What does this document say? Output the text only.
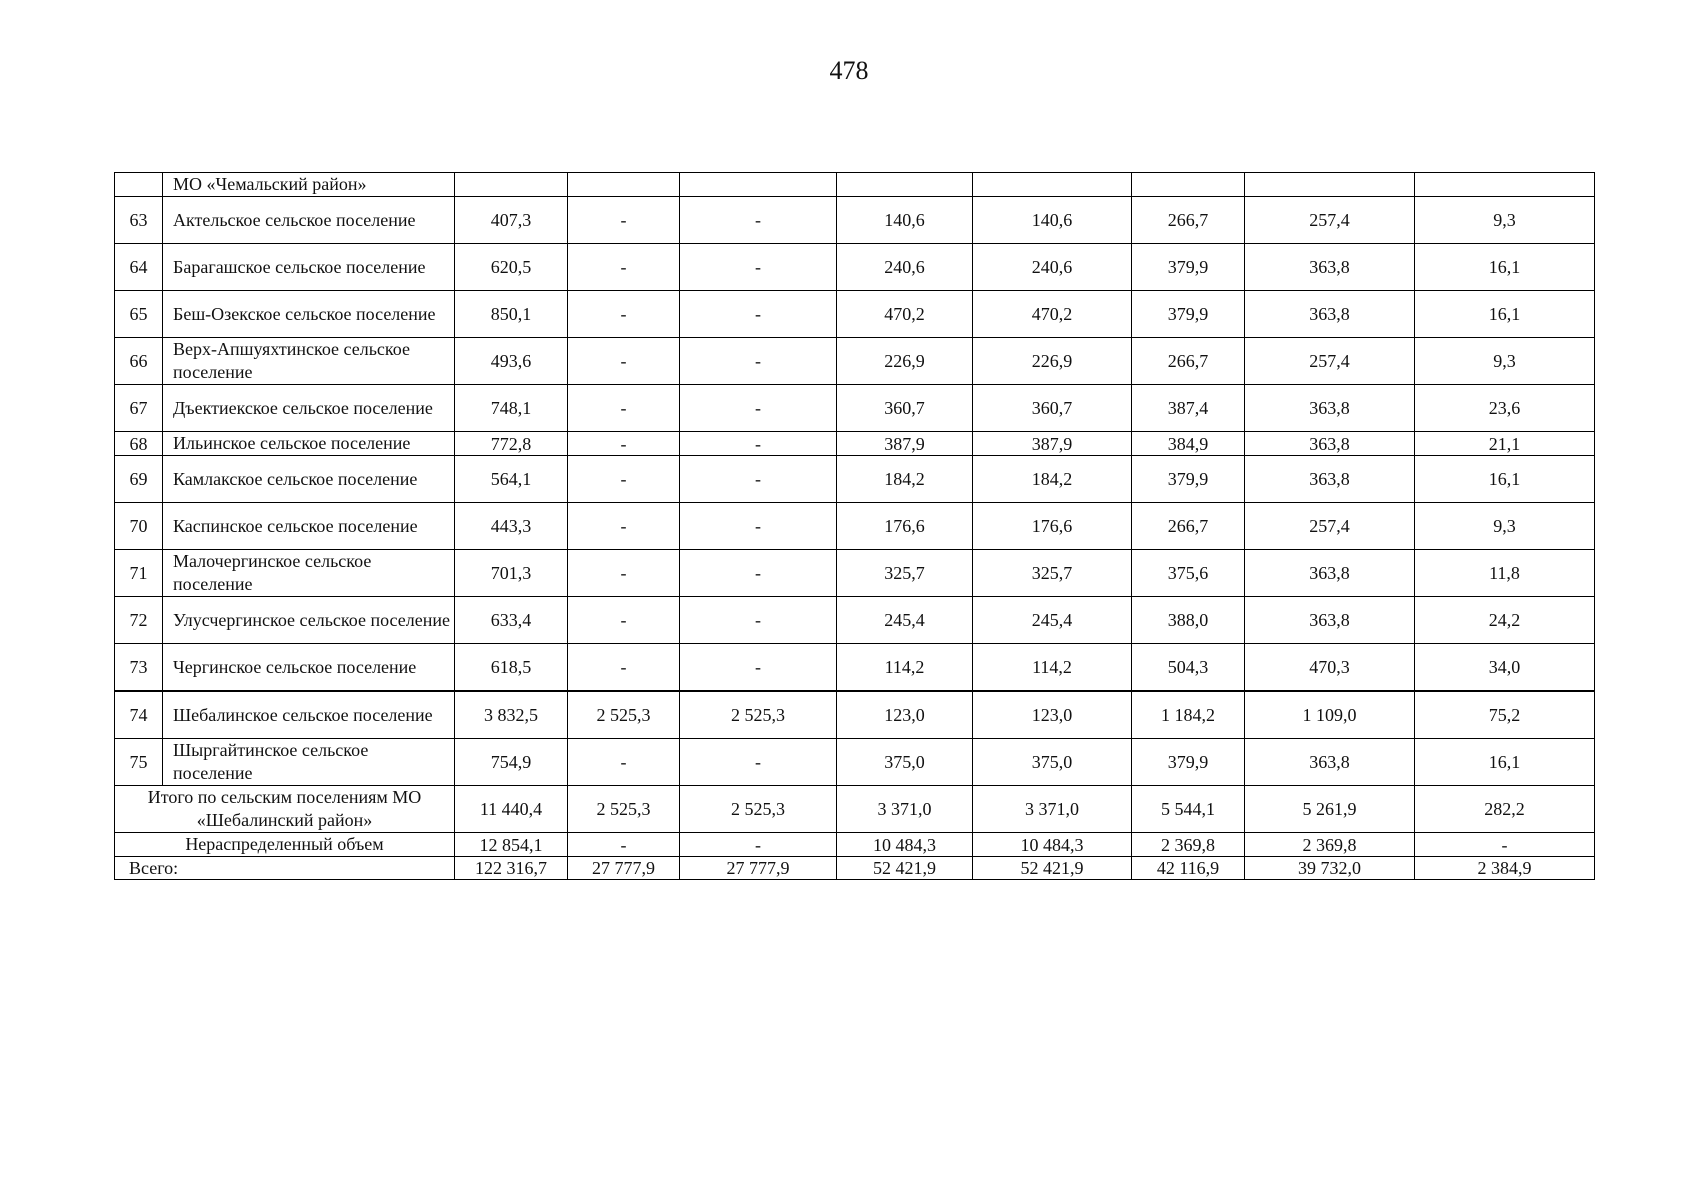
478
	МО «Чемальский район»								
63	Актельское сельское поселение	407,3	-	-	140,6	140,6	266,7	257,4	9,3
64	Барагашское сельское поселение	620,5	-	-	240,6	240,6	379,9	363,8	16,1
65	Беш-Озекское сельское поселение	850,1	-	-	470,2	470,2	379,9	363,8	16,1
66	Верх-Апшуяхтинское сельское поселение	493,6	-	-	226,9	226,9	266,7	257,4	9,3
67	Дъектиекское сельское поселение	748,1	-	-	360,7	360,7	387,4	363,8	23,6
68	Ильинское сельское поселение	772,8	-	-	387,9	387,9	384,9	363,8	21,1
69	Камлакское сельское поселение	564,1	-	-	184,2	184,2	379,9	363,8	16,1
70	Каспинское сельское поселение	443,3	-	-	176,6	176,6	266,7	257,4	9,3
71	Малочергинское сельское поселение	701,3	-	-	325,7	325,7	375,6	363,8	11,8
72	Улусчергинское сельское поселение	633,4	-	-	245,4	245,4	388,0	363,8	24,2
73	Чергинское сельское поселение	618,5	-	-	114,2	114,2	504,3	470,3	34,0
74	Шебалинское сельское поселение	3 832,5	2 525,3	2 525,3	123,0	123,0	1 184,2	1 109,0	75,2
75	Шыргайтинское сельское поселение	754,9	-	-	375,0	375,0	379,9	363,8	16,1
Итого по сельским поселениям МО «Шебалинский район»		11 440,4	2 525,3	2 525,3	3 371,0	3 371,0	5 544,1	5 261,9	282,2
Нераспределенный объем		12 854,1	-	-	10 484,3	10 484,3	2 369,8	2 369,8	-
Всего:		122 316,7	27 777,9	27 777,9	52 421,9	52 421,9	42 116,9	39 732,0	2 384,9
